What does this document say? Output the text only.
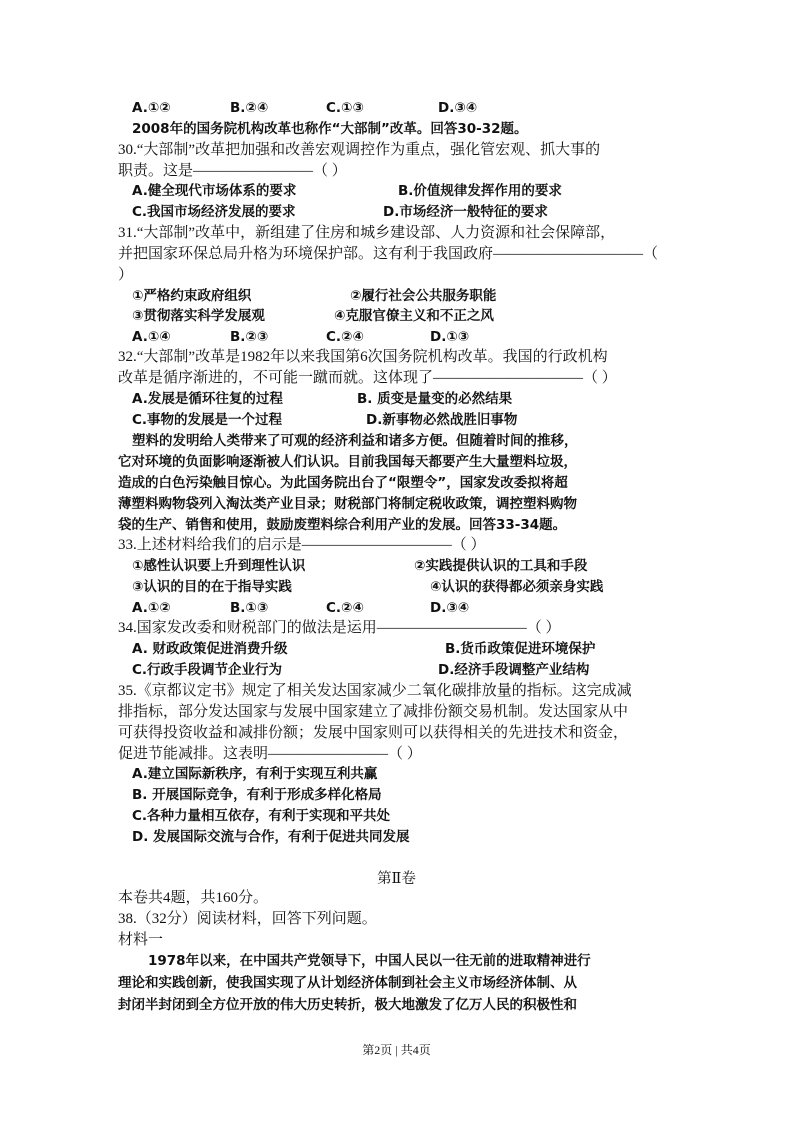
A.①②	B.②④	C.①③	D.③④
2008年的国务院机构改革也称作“大部制”改革。回答30-32题。
30.“大部制”改革把加强和改善宏观调控作为重点，强化管宏观、抓大事的
职责。这是————————（ ）
A.健全现代市场体系的要求	B.价值规律发挥作用的要求
C.我国市场经济发展的要求	D.市场经济一般特征的要求
31.“大部制”改革中，新组建了住房和城乡建设部、人力资源和社会保障部，
并把国家环保总局升格为环境保护部。这有利于我国政府——————————（
）
①严格约束政府组织	②履行社会公共服务职能
③贯彻落实科学发展观	④克服官僚主义和不正之风
A.①④	B.②③	C.②④	D.①③
32.“大部制”改革是1982年以来我国第6次国务院机构改革。我国的行政机构
改革是循序渐进的，不可能一蹴而就。这体现了——————————（ ）
A.发展是循环往复的过程	B. 质变是量变的必然结果
C.事物的发展是一个过程	D.新事物必然战胜旧事物
塑料的发明给人类带来了可观的经济利益和诸多方便。但随着时间的推移，
它对环境的负面影响逐渐被人们认识。目前我国每天都要产生大量塑料垃圾，
造成的白色污染触目惊心。为此国务院出台了“限塑令”，国家发改委拟将超
薄塑料购物袋列入淘汰类产业目录；财税部门将制定税收政策，调控塑料购物
袋的生产、销售和使用，鼓励废塑料综合利用产业的发展。回答33-34题。
33.上述材料给我们的启示是——————————（ ）
①感性认识要上升到理性认识	②实践提供认识的工具和手段
③认识的目的在于指导实践	④认识的获得都必须亲身实践
A.①②	B.①③	C.②④	D.③④
34.国家发改委和财税部门的做法是运用——————————（ ）
A. 财政政策促进消费升级	B.货币政策促进环境保护
C.行政手段调节企业行为	D.经济手段调整产业结构
35.《京都议定书》规定了相关发达国家减少二氧化碳排放量的指标。这完成减
排指标，部分发达国家与发展中国家建立了减排份额交易机制。发达国家从中
可获得投资收益和减排份额；发展中国家则可以获得相关的先进技术和资金，
促进节能减排。这表明————————（ ）
A.建立国际新秩序，有利于实现互利共赢
B. 开展国际竞争，有利于形成多样化格局
C.各种力量相互依存，有利于实现和平共处
D. 发展国际交流与合作，有利于促进共同发展
第Ⅱ卷
本卷共4题，共160分。
38.（32分）阅读材料，回答下列问题。
材料一
1978年以来，在中国共产党领导下，中国人民以一往无前的进取精神进行
理论和实践创新，使我国实现了从计划经济体制到社会主义市场经济体制、从
封闭半封闭到全方位开放的伟大历史转折，极大地激发了亿万人民的积极性和
第2页 | 共4页
